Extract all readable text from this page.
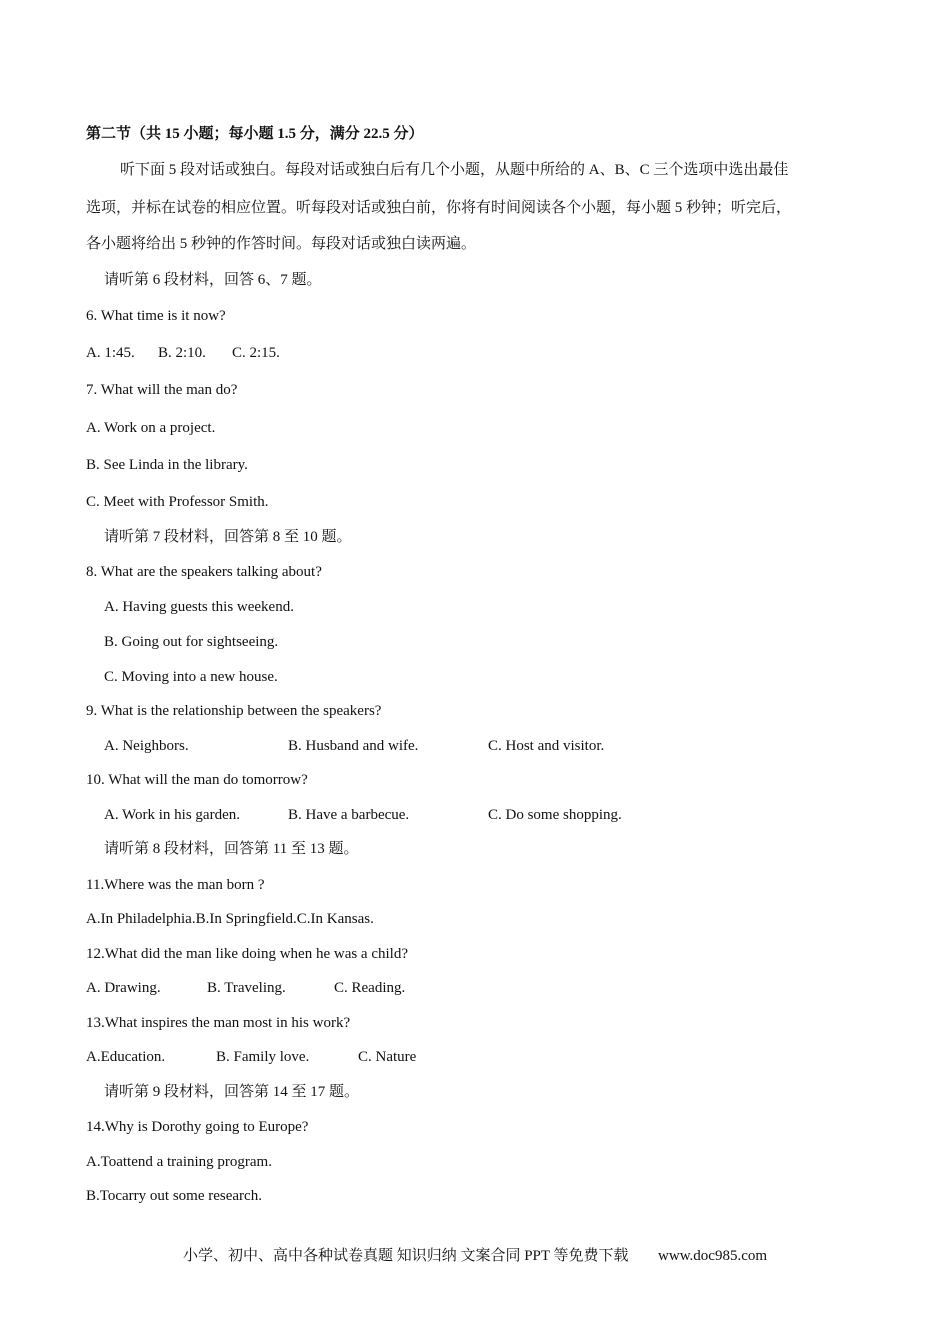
第二节（共 15 小题；每小题 1.5 分，满分 22.5 分）
听下面 5 段对话或独白。每段对话或独白后有几个小题，从题中所给的 A、B、C 三个选项中选出最佳
选项，并标在试卷的相应位置。听每段对话或独白前，你将有时间阅读各个小题，每小题 5 秒钟；听完后，
各小题将给出 5 秒钟的作答时间。每段对话或独白读两遍。
请听第 6 段材料，回答 6、7 题。
6. What time is it now?
A. 1:45. B. 2:10. C. 2:15.
7. What will the man do?
A. Work on a project.
B. See Linda in the library.
C. Meet with Professor Smith.
请听第 7 段材料，回答第 8 至 10 题。
8. What are the speakers talking about?
A. Having guests this weekend.
B. Going out for sightseeing.
C. Moving into a new house.
9. What is the relationship between the speakers?
A. Neighbors.	B. Husband and wife.	C. Host and visitor.
10. What will the man do tomorrow?
A. Work in his garden.	B. Have a barbecue.	C. Do some shopping.
请听第 8 段材料，回答第 11 至 13 题。
11.Where was the man born ?
A.In Philadelphia.B.In Springfield.C.In Kansas.
12.What did the man like doing when he was a child?
A. Drawing.	B. Traveling.	C. Reading.
13.What inspires the man most in his work?
A.Education.	B. Family love.	C. Nature
请听第 9 段材料，回答第 14 至 17 题。
14.Why is Dorothy going to Europe?
A.Toattend a training program.
B.Tocarry out some research.
小学、初中、高中各种试卷真题 知识归纳 文案合同 PPT 等免费下载 www.doc985.com
